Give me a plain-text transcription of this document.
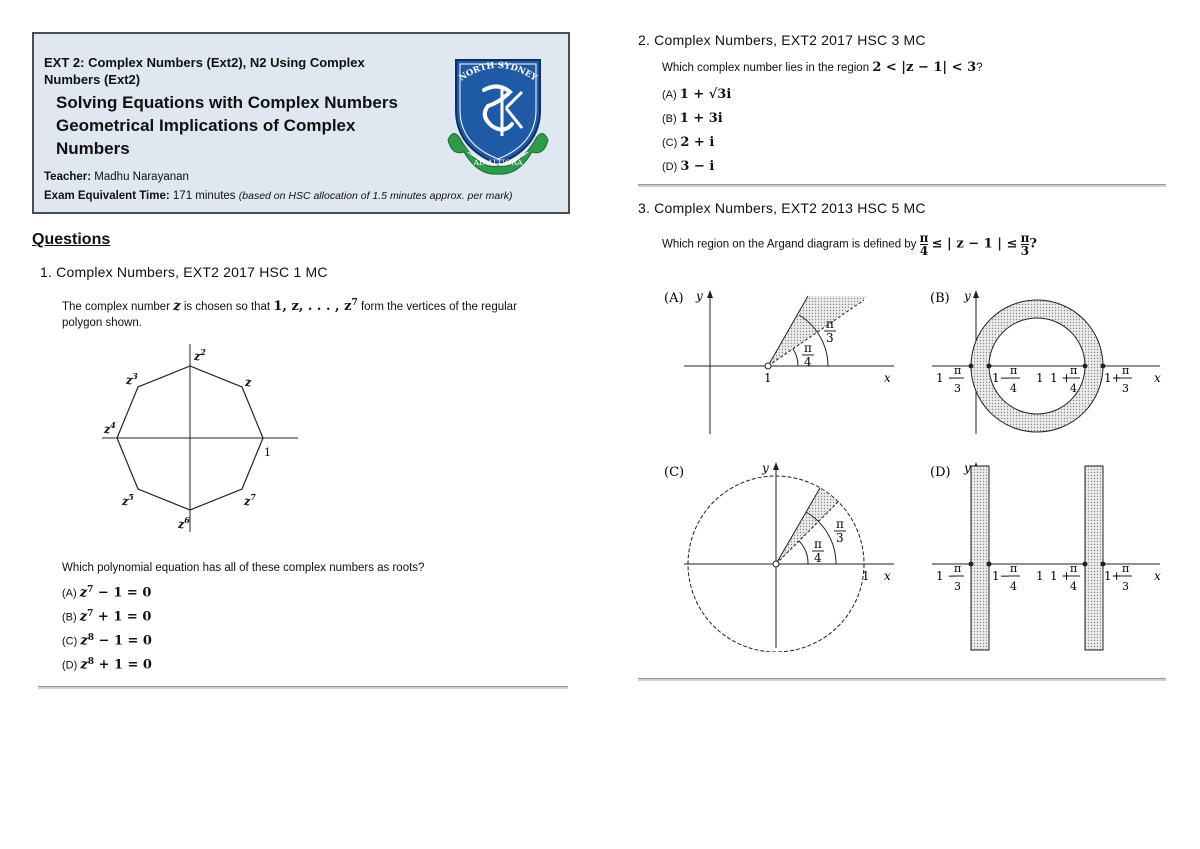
EXT 2: Complex Numbers (Ext2), N2 Using Complex Numbers (Ext2)
Solving Equations with Complex Numbers
Geometrical Implications of Complex
Numbers
Teacher: Madhu Narayanan
Exam Equivalent Time: 171 minutes (based on HSC allocation of 1.5 minutes approx. per mark)
NORTH SYDNEY
AD ALTIORA
Questions
1. Complex Numbers, EXT2 2017 HSC 1 MC
The complex number z is chosen so that 1, z, . . . , $z^7$ form the vertices of the regular
polygon shown.
$z^2$
$z^3$	z
$z^4$
$z^5$
$z^6$
$z^7$
1
Which polynomial equation has all of these complex numbers as roots?
(A) $z^7 - 1 = 0$
(B) $z^7 + 1 = 0$
(C) $z^8 - 1 = 0$
(D) $z^8 + 1 = 0$
2. Complex Numbers, EXT2 2017 HSC 3 MC
Which complex number lies in the region 2 < |z − 1| < 3?
(A) 1 + √3i
(B) 1 + 3i
(C) 2 + i
(D) 3 − i
3. Complex Numbers, EXT2 2013 HSC 5 MC
Which region on the Argand diagram is defined by $\frac{\pi}{4}$ ≤ | z − 1 | ≤ $\frac{\pi}{3}$ ?
(A) y
x
1
π
4
π
3
(B) y
x
1 −
π
3
1−
π
4
1 1 +
π
4
1+
π
3
(C)	y
x
1
π
4
π
3
(D) y
x
1 −
π
3
1−
π
4
1 1 +
π
4
1+
π
3
